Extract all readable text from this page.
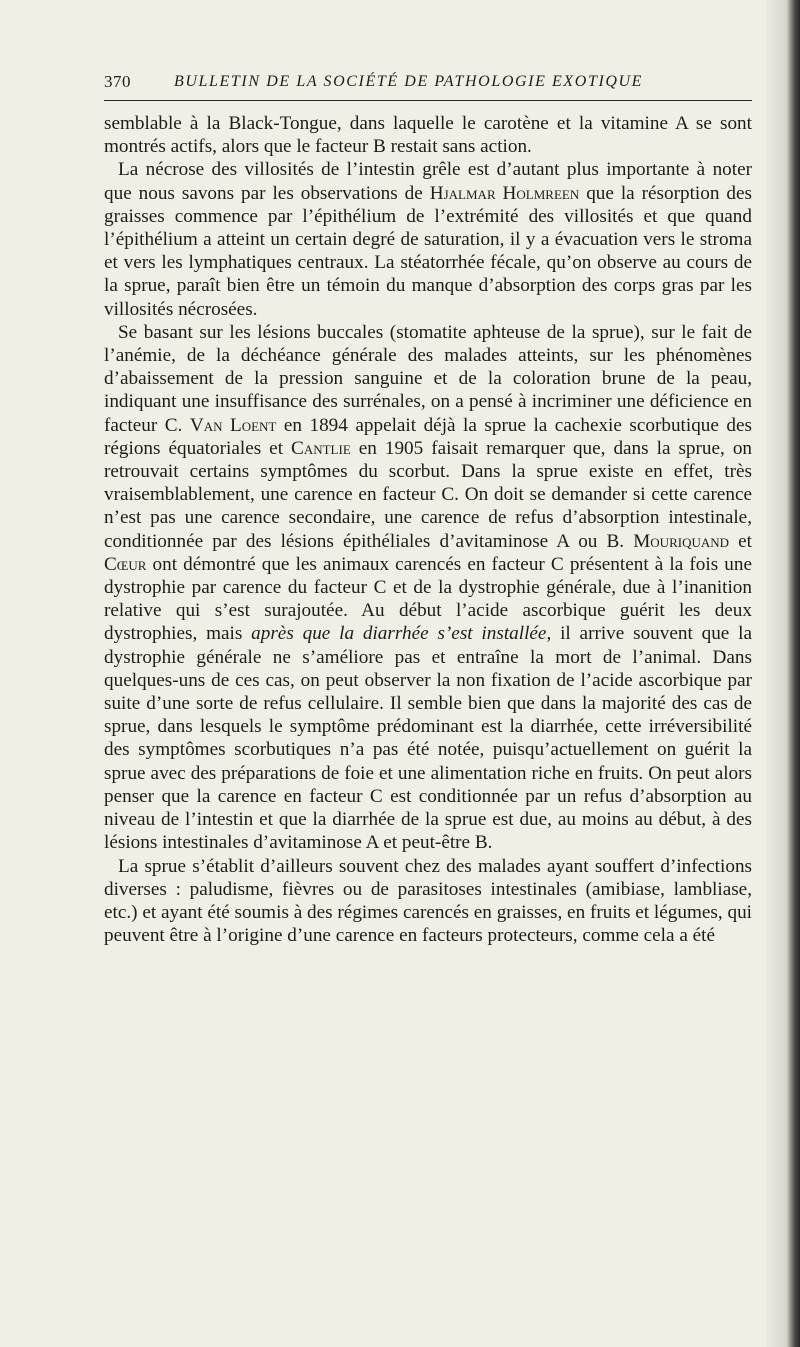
370	BULLETIN DE LA SOCIÉTÉ DE PATHOLOGIE EXOTIQUE

semblable à la Black-Tongue, dans laquelle le carotène et la vitamine A se sont montrés actifs, alors que le facteur B restait sans action.

La nécrose des villosités de l’intestin grêle est d’autant plus importante à noter que nous savons par les observations de Hjalmar Holmreen que la résorption des graisses commence par l’épithélium de l’extrémité des villosités et que quand l’épithélium a atteint un certain degré de saturation, il y a évacuation vers le stroma et vers les lymphatiques centraux. La stéatorrhée fécale, qu’on observe au cours de la sprue, paraît bien être un témoin du manque d’absorption des corps gras par les villosités nécrosées.

Se basant sur les lésions buccales (stomatite aphteuse de la sprue), sur le fait de l’anémie, de la déchéance générale des malades atteints, sur les phénomènes d’abaissement de la pression sanguine et de la coloration brune de la peau, indiquant une insuffisance des surrénales, on a pensé à incriminer une déficience en facteur C. Van Loent en 1894 appelait déjà la sprue la cachexie scorbutique des régions équatoriales et Cantlie en 1905 faisait remarquer que, dans la sprue, on retrouvait certains symptômes du scorbut. Dans la sprue existe en effet, très vraisemblablement, une carence en facteur C. On doit se demander si cette carence n’est pas une carence secondaire, une carence de refus d’absorption intestinale, conditionnée par des lésions épithéliales d’avitaminose A ou B. Mouriquand et Cœur ont démontré que les animaux carencés en facteur C présentent à la fois une dystrophie par carence du facteur C et de la dystrophie générale, due à l’inanition relative qui s’est surajoutée. Au début l’acide ascorbique guérit les deux dystrophies, mais après que la diarrhée s’est installée, il arrive souvent que la dystrophie générale ne s’améliore pas et entraîne la mort de l’animal. Dans quelques-uns de ces cas, on peut observer la non fixation de l’acide ascorbique par suite d’une sorte de refus cellulaire. Il semble bien que dans la majorité des cas de sprue, dans lesquels le symptôme prédominant est la diarrhée, cette irréversibilité des symptômes scorbutiques n’a pas été notée, puisqu’actuellement on guérit la sprue avec des préparations de foie et une alimentation riche en fruits. On peut alors penser que la carence en facteur C est conditionnée par un refus d’absorption au niveau de l’intestin et que la diarrhée de la sprue est due, au moins au début, à des lésions intestinales d’avitaminose A et peut-être B.

La sprue s’établit d’ailleurs souvent chez des malades ayant souffert d’infections diverses : paludisme, fièvres ou de parasitoses intestinales (amibiase, lambliase, etc.) et ayant été soumis à des régimes carencés en graisses, en fruits et légumes, qui peuvent être à l’origine d’une carence en facteurs protecteurs, comme cela a été
